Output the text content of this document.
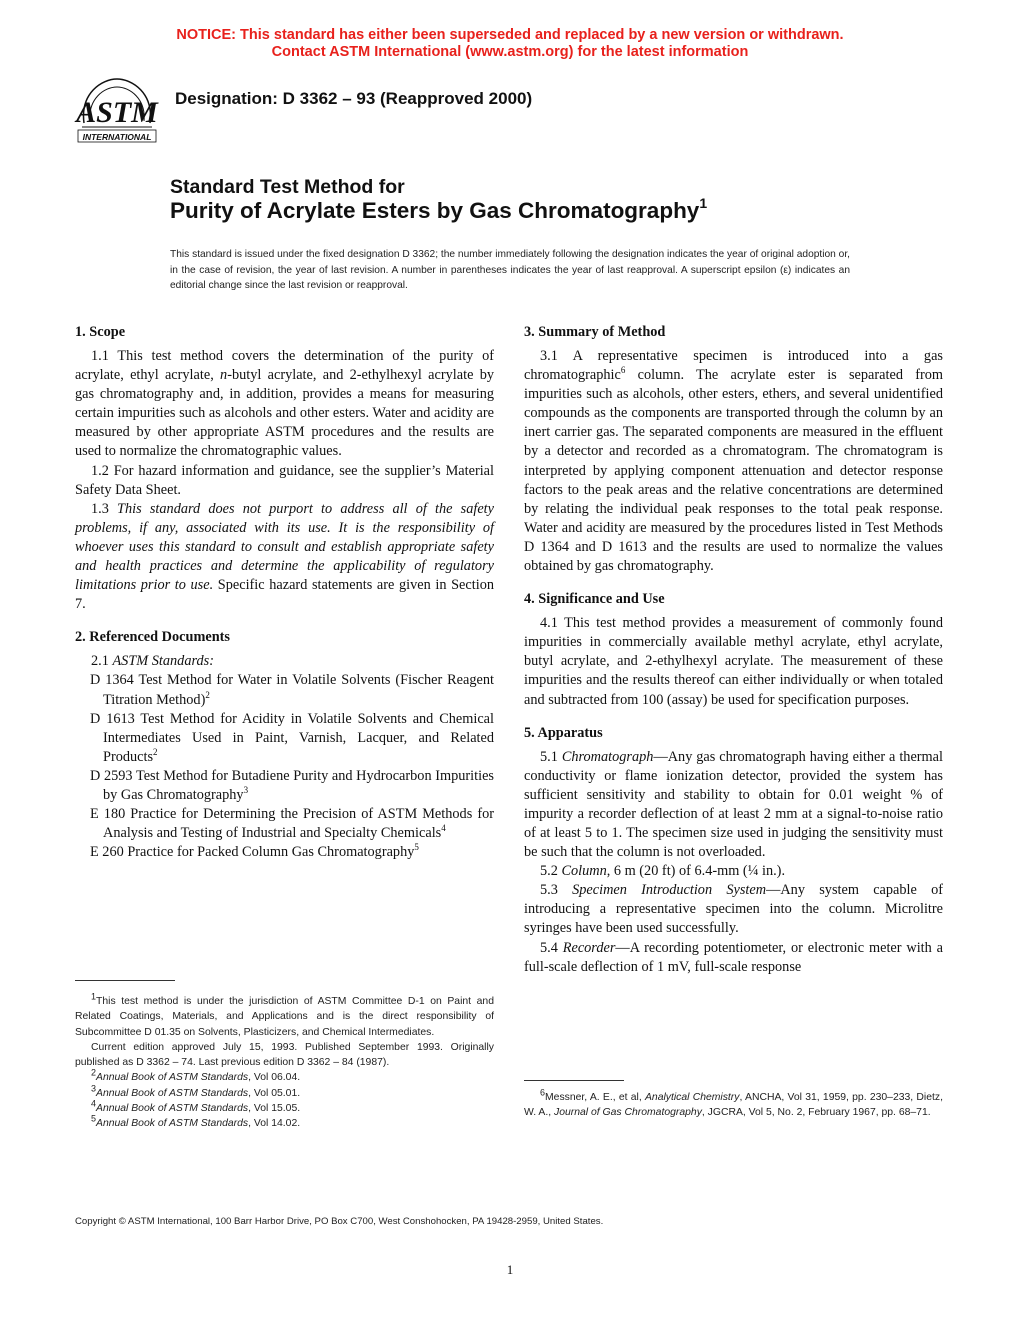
NOTICE: This standard has either been superseded and replaced by a new version or withdrawn.
Contact ASTM International (www.astm.org) for the latest information
ASTM
INTERNATIONAL
Designation: D 3362 – 93 (Reapproved 2000)
Standard Test Method for
Purity of Acrylate Esters by Gas Chromatography$^1$
This standard is issued under the fixed designation D 3362; the number immediately following the designation indicates the year of original adoption or, in the case of revision, the year of last revision. A number in parentheses indicates the year of last reapproval. A superscript epsilon (ε) indicates an editorial change since the last revision or reapproval.
1. Scope

1.1 This test method covers the determination of the purity of acrylate, ethyl acrylate, n-butyl acrylate, and 2-ethylhexyl acrylate by gas chromatography and, in addition, provides a means for measuring certain impurities such as alcohols and other esters. Water and acidity are measured by other appropriate ASTM procedures and the results are used to normalize the chromatographic values.

1.2 For hazard information and guidance, see the supplier’s Material Safety Data Sheet.

1.3 This standard does not purport to address all of the safety problems, if any, associated with its use. It is the responsibility of whoever uses this standard to consult and establish appropriate safety and health practices and determine the applicability of regulatory limitations prior to use. Specific hazard statements are given in Section 7.

2. Referenced Documents

2.1 ASTM Standards:

D 1364 Test Method for Water in Volatile Solvents (Fischer Reagent Titration Method)$^2$

D 1613 Test Method for Acidity in Volatile Solvents and Chemical Intermediates Used in Paint, Varnish, Lacquer, and Related Products$^2$

D 2593 Test Method for Butadiene Purity and Hydrocarbon Impurities by Gas Chromatography$^3$

E 180 Practice for Determining the Precision of ASTM Methods for Analysis and Testing of Industrial and Specialty Chemicals$^4$

E 260 Practice for Packed Column Gas Chromatography$^5$

3. Summary of Method

3.1 A representative specimen is introduced into a gas chromatographic$^6$ column. The acrylate ester is separated from impurities such as alcohols, other esters, ethers, and several unidentified compounds as the components are transported through the column by an inert carrier gas. The separated components are measured in the effluent by a detector and recorded as a chromatogram. The chromatogram is interpreted by applying component attenuation and detector response factors to the peak areas and the relative concentrations are determined by relating the individual peak responses to the total peak response. Water and acidity are measured by the procedures listed in Test Methods D 1364 and D 1613 and the results are used to normalize the values obtained by gas chromatography.

4. Significance and Use

4.1 This test method provides a measurement of commonly found impurities in commercially available methyl acrylate, ethyl acrylate, butyl acrylate, and 2-ethylhexyl acrylate. The measurement of these impurities and the results thereof can either individually or when totaled and subtracted from 100 (assay) be used for specification purposes.

5. Apparatus

5.1 Chromatograph—Any gas chromatograph having either a thermal conductivity or flame ionization detector, provided the system has sufficient sensitivity and stability to obtain for 0.01 weight % of impurity a recorder deflection of at least 2 mm at a signal-to-noise ratio of at least 5 to 1. The specimen size used in judging the sensitivity must be such that the column is not overloaded.

5.2 Column, 6 m (20 ft) of 6.4-mm (¼ in.).

5.3 Specimen Introduction System—Any system capable of introducing a representative specimen into the column. Microlitre syringes have been used successfully.

5.4 Recorder—A recording potentiometer, or electronic meter with a full-scale deflection of 1 mV, full-scale response

$^1$This test method is under the jurisdiction of ASTM Committee D-1 on Paint and Related Coatings, Materials, and Applications and is the direct responsibility of Subcommittee D 01.35 on Solvents, Plasticizers, and Chemical Intermediates.

Current edition approved July 15, 1993. Published September 1993. Originally published as D 3362 – 74. Last previous edition D 3362 – 84 (1987).

$^2$Annual Book of ASTM Standards, Vol 06.04.

$^3$Annual Book of ASTM Standards, Vol 05.01.

$^4$Annual Book of ASTM Standards, Vol 15.05.

$^5$Annual Book of ASTM Standards, Vol 14.02.

$^6$Messner, A. E., et al, Analytical Chemistry, ANCHA, Vol 31, 1959, pp. 230–233, Dietz, W. A., Journal of Gas Chromatography, JGCRA, Vol 5, No. 2, February 1967, pp. 68–71.

Copyright © ASTM International, 100 Barr Harbor Drive, PO Box C700, West Conshohocken, PA 19428-2959, United States.
1
